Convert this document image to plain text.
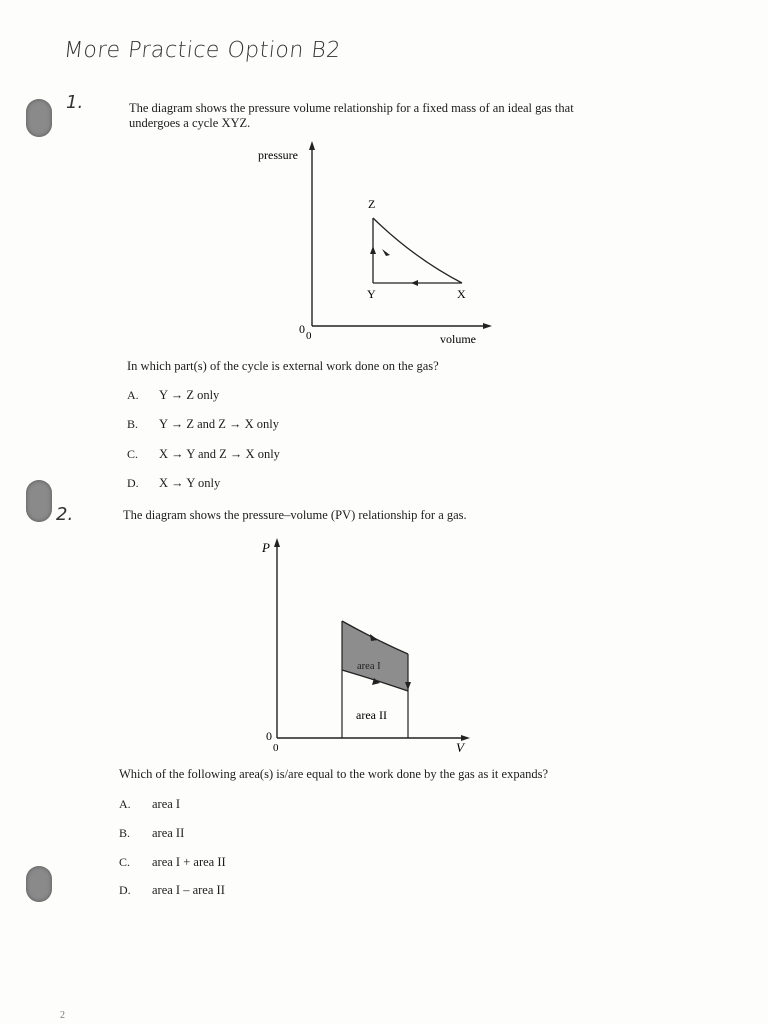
More Practice Option B2
1.	The diagram shows the pressure volume relationship for a fixed mass of an ideal gas that
undergoes a cycle XYZ.
pressure
volume
0 0
Z
Y	X
In which part(s) of the cycle is external work done on the gas?
A. Y → Z only
B. Y → Z and Z → X only
C. X → Y and Z → X only
D. X → Y only
2.	The diagram shows the pressure–volume (PV) relationship for a gas.
P
V
0
0
area I
area II
Which of the following area(s) is/are equal to the work done by the gas as it expands?
A. area I
B. area II
C. area I + area II
D. area I – area II
2
